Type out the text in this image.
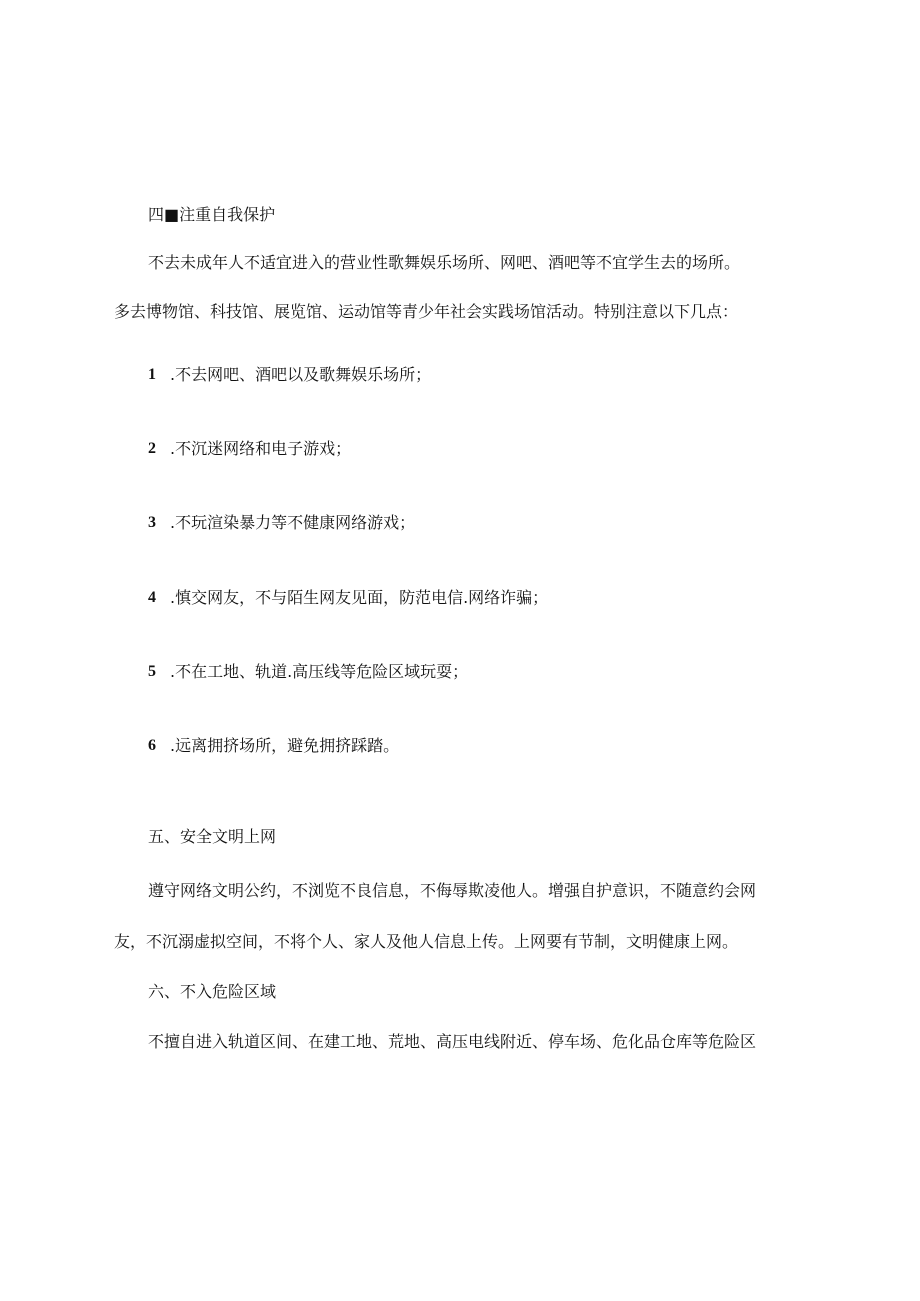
四■注重自我保护
不去未成年人不适宜进入的营业性歌舞娱乐场所、网吧、酒吧等不宜学生去的场所。
多去博物馆、科技馆、展览馆、运动馆等青少年社会实践场馆活动。特别注意以下几点：
1 .不去网吧、酒吧以及歌舞娱乐场所；
2 .不沉迷网络和电子游戏；
3 .不玩渲染暴力等不健康网络游戏；
4 .慎交网友，不与陌生网友见面，防范电信.网络诈骗；
5 .不在工地、轨道.高压线等危险区域玩耍；
6 .远离拥挤场所，避免拥挤踩踏。
五、安全文明上网
遵守网络文明公约，不浏览不良信息，不侮辱欺凌他人。增强自护意识，不随意约会网
友，不沉溺虚拟空间，不将个人、家人及他人信息上传。上网要有节制，文明健康上网。
六、不入危险区域
不擅自进入轨道区间、在建工地、荒地、高压电线附近、停车场、危化品仓库等危险区
